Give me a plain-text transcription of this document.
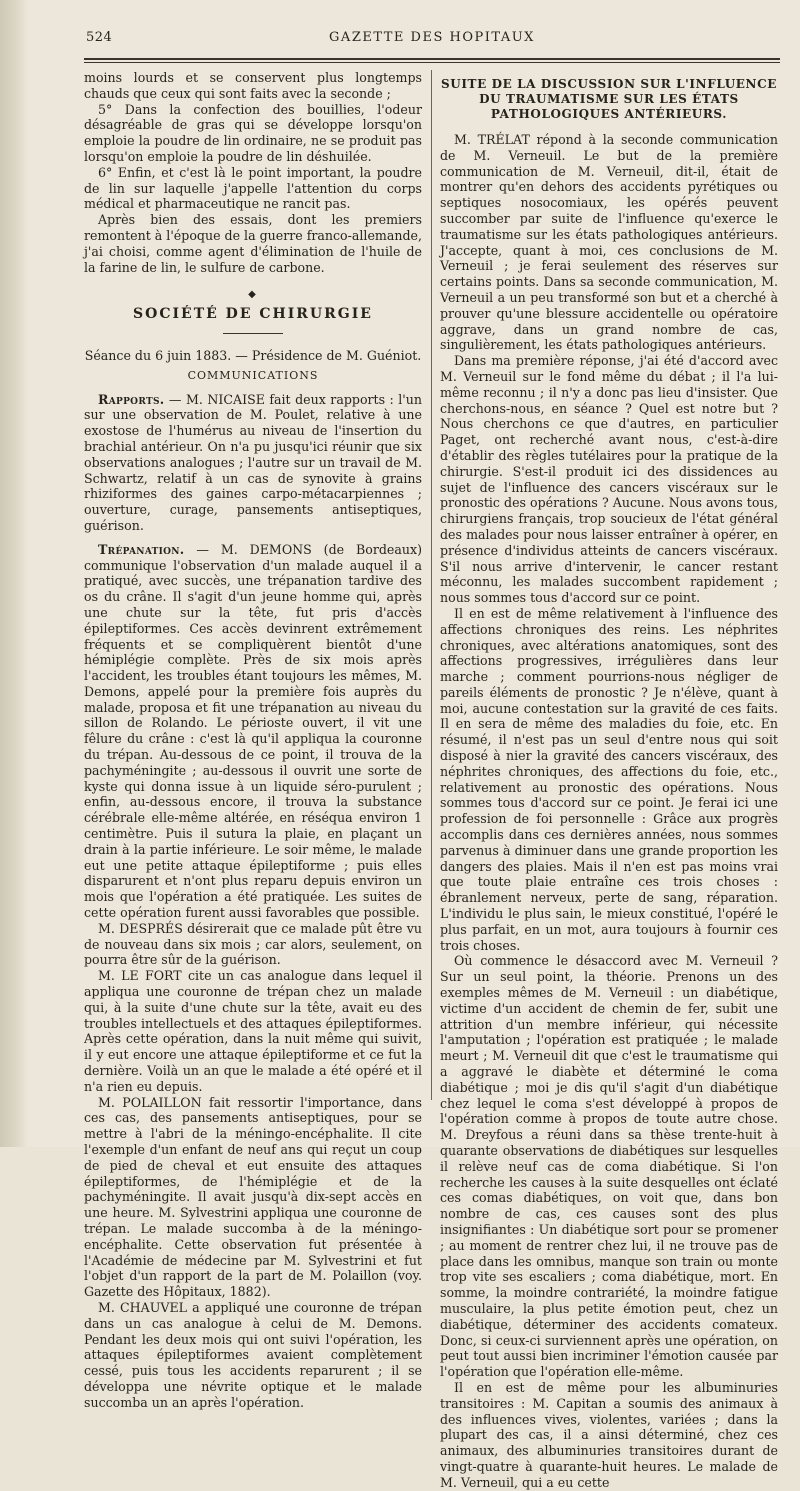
524	GAZETTE DES HOPITAUX

moins lourds et se conservent plus longtemps chauds que ceux qui sont faits avec la seconde ;

5° Dans la confection des bouillies, l'odeur désagréable de gras qui se développe lorsqu'on emploie la poudre de lin ordinaire, ne se produit pas lorsqu'on emploie la poudre de lin déshuilée.

6° Enfin, et c'est là le point important, la poudre de lin sur laquelle j'appelle l'attention du corps médical et pharmaceutique ne rancit pas.

Après bien des essais, dont les premiers remontent à l'époque de la guerre franco-allemande, j'ai choisi, comme agent d'élimination de l'huile de la farine de lin, le sulfure de carbone.

◆
SOCIÉTÉ DE CHIRURGIE

Séance du 6 juin 1883. — Présidence de M. Guéniot.

COMMUNICATIONS

Rapports. — M. NICAISE fait deux rapports : l'un sur une observation de M. Poulet, relative à une exostose de l'humérus au niveau de l'insertion du brachial antérieur. On n'a pu jusqu'ici réunir que six observations analogues ; l'autre sur un travail de M. Schwartz, relatif à un cas de synovite à grains rhiziformes des gaines carpo-métacarpiennes ; ouverture, curage, pansements antiseptiques, guérison.

Trépanation. — M. DEMONS (de Bordeaux) communique l'observation d'un malade auquel il a pratiqué, avec succès, une trépanation tardive des os du crâne. Il s'agit d'un jeune homme qui, après une chute sur la tête, fut pris d'accès épileptiformes. Ces accès devinrent extrêmement fréquents et se compliquèrent bientôt d'une hémiplégie complète. Près de six mois après l'accident, les troubles étant toujours les mêmes, M. Demons, appelé pour la première fois auprès du malade, proposa et fit une trépanation au niveau du sillon de Rolando. Le périoste ouvert, il vit une fêlure du crâne : c'est là qu'il appliqua la couronne du trépan. Au-dessous de ce point, il trouva de la pachyméningite ; au-dessous il ouvrit une sorte de kyste qui donna issue à un liquide séro-purulent ; enfin, au-dessous encore, il trouva la substance cérébrale elle-même altérée, en réséqua environ 1 centimètre. Puis il sutura la plaie, en plaçant un drain à la partie inférieure. Le soir même, le malade eut une petite attaque épileptiforme ; puis elles disparurent et n'ont plus reparu depuis environ un mois que l'opération a été pratiquée. Les suites de cette opération furent aussi favorables que possible.

M. DESPRÉS désirerait que ce malade pût être vu de nouveau dans six mois ; car alors, seulement, on pourra être sûr de la guérison.

M. LE FORT cite un cas analogue dans lequel il appliqua une couronne de trépan chez un malade qui, à la suite d'une chute sur la tête, avait eu des troubles intellectuels et des attaques épileptiformes. Après cette opération, dans la nuit même qui suivit, il y eut encore une attaque épileptiforme et ce fut la dernière. Voilà un an que le malade a été opéré et il n'a rien eu depuis.

M. POLAILLON fait ressortir l'importance, dans ces cas, des pansements antiseptiques, pour se mettre à l'abri de la méningo-encéphalite. Il cite l'exemple d'un enfant de neuf ans qui reçut un coup de pied de cheval et eut ensuite des attaques épileptiformes, de l'hémiplégie et de la pachyméningite. Il avait jusqu'à dix-sept accès en une heure. M. Sylvestrini appliqua une couronne de trépan. Le malade succomba à de la méningo-encéphalite. Cette observation fut présentée à l'Académie de médecine par M. Sylvestrini et fut l'objet d'un rapport de la part de M. Polaillon (voy. Gazette des Hôpitaux, 1882).

M. CHAUVEL a appliqué une couronne de trépan dans un cas analogue à celui de M. Demons. Pendant les deux mois qui ont suivi l'opération, les attaques épileptiformes avaient complètement cessé, puis tous les accidents reparurent ; il se développa une névrite optique et le malade succomba un an après l'opération.

SUITE DE LA DISCUSSION SUR L'INFLUENCE DU TRAUMATISME SUR LES ÉTATS PATHOLOGIQUES ANTÉRIEURS.

M. TRÉLAT répond à la seconde communication de M. Verneuil. Le but de la première communication de M. Verneuil, dit-il, était de montrer qu'en dehors des accidents pyrétiques ou septiques nosocomiaux, les opérés peuvent succomber par suite de l'influence qu'exerce le traumatisme sur les états pathologiques antérieurs. J'accepte, quant à moi, ces conclusions de M. Verneuil ; je ferai seulement des réserves sur certains points. Dans sa seconde communication, M. Verneuil a un peu transformé son but et a cherché à prouver qu'une blessure accidentelle ou opératoire aggrave, dans un grand nombre de cas, singulièrement, les états pathologiques antérieurs.

Dans ma première réponse, j'ai été d'accord avec M. Verneuil sur le fond même du débat ; il l'a lui-même reconnu ; il n'y a donc pas lieu d'insister. Que cherchons-nous, en séance ? Quel est notre but ? Nous cherchons ce que d'autres, en particulier Paget, ont recherché avant nous, c'est-à-dire d'établir des règles tutélaires pour la pratique de la chirurgie. S'est-il produit ici des dissidences au sujet de l'influence des cancers viscéraux sur le pronostic des opérations ? Aucune. Nous avons tous, chirurgiens français, trop soucieux de l'état général des malades pour nous laisser entraîner à opérer, en présence d'individus atteints de cancers viscéraux. S'il nous arrive d'intervenir, le cancer restant méconnu, les malades succombent rapidement ; nous sommes tous d'accord sur ce point.

Il en est de même relativement à l'influence des affections chroniques des reins. Les néphrites chroniques, avec altérations anatomiques, sont des affections progressives, irrégulières dans leur marche ; comment pourrions-nous négliger de pareils éléments de pronostic ? Je n'élève, quant à moi, aucune contestation sur la gravité de ces faits. Il en sera de même des maladies du foie, etc. En résumé, il n'est pas un seul d'entre nous qui soit disposé à nier la gravité des cancers viscéraux, des néphrites chroniques, des affections du foie, etc., relativement au pronostic des opérations. Nous sommes tous d'accord sur ce point. Je ferai ici une profession de foi personnelle : Grâce aux progrès accomplis dans ces dernières années, nous sommes parvenus à diminuer dans une grande proportion les dangers des plaies. Mais il n'en est pas moins vrai que toute plaie entraîne ces trois choses : ébranlement nerveux, perte de sang, réparation. L'individu le plus sain, le mieux constitué, l'opéré le plus parfait, en un mot, aura toujours à fournir ces trois choses.

Où commence le désaccord avec M. Verneuil ? Sur un seul point, la théorie. Prenons un des exemples mêmes de M. Verneuil : un diabétique, victime d'un accident de chemin de fer, subit une attrition d'un membre inférieur, qui nécessite l'amputation ; l'opération est pratiquée ; le malade meurt ; M. Verneuil dit que c'est le traumatisme qui a aggravé le diabète et déterminé le coma diabétique ; moi je dis qu'il s'agit d'un diabétique chez lequel le coma s'est développé à propos de l'opération comme à propos de toute autre chose. M. Dreyfous a réuni dans sa thèse trente-huit à quarante observations de diabétiques sur lesquelles il relève neuf cas de coma diabétique. Si l'on recherche les causes à la suite desquelles ont éclaté ces comas diabétiques, on voit que, dans bon nombre de cas, ces causes sont des plus insignifiantes : Un diabétique sort pour se promener ; au moment de rentrer chez lui, il ne trouve pas de place dans les omnibus, manque son train ou monte trop vite ses escaliers ; coma diabétique, mort. En somme, la moindre contrariété, la moindre fatigue musculaire, la plus petite émotion peut, chez un diabétique, déterminer des accidents comateux. Donc, si ceux-ci surviennent après une opération, on peut tout aussi bien incriminer l'émotion causée par l'opération que l'opération elle-même.

Il en est de même pour les albuminuries transitoires : M. Capitan a soumis des animaux à des influences vives, violentes, variées ; dans la plupart des cas, il a ainsi déterminé, chez ces animaux, des albuminuries transitoires durant de vingt-quatre à quarante-huit heures. Le malade de M. Verneuil, qui a eu cette
